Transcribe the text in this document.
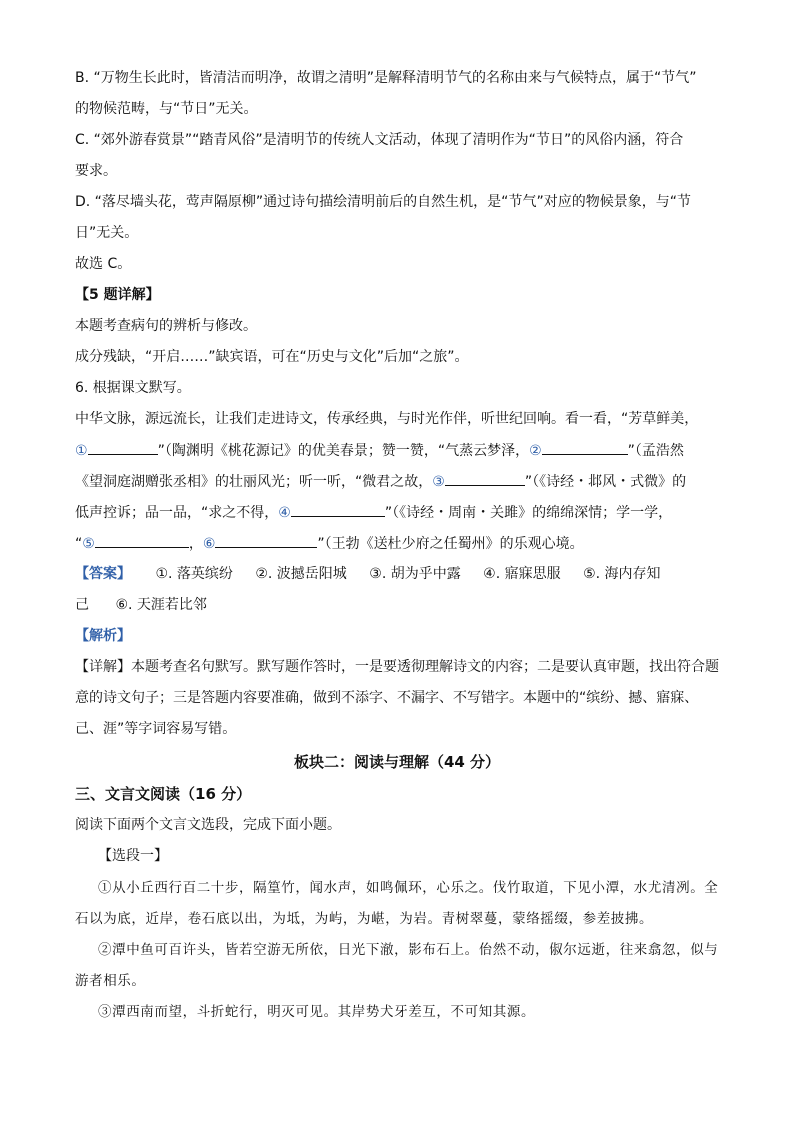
B. “万物生长此时，皆清洁而明净，故谓之清明”是解释清明节气的名称由来与气候特点，属于“节气”
的物候范畴，与“节日”无关。
C. “郊外游春赏景”“踏青风俗”是清明节的传统人文活动，体现了清明作为“节日”的风俗内涵，符合
要求。
D. “落尽墙头花，莺声隔原柳”通过诗句描绘清明前后的自然生机，是“节气”对应的物候景象，与“节
日”无关。
故选 C。
【5 题详解】
本题考查病句的辨析与修改。
成分残缺，“开启……”缺宾语，可在“历史与文化”后加“之旅”。
6. 根据课文默写。
中华文脉，源远流长，让我们走进诗文，传承经典，与时光作伴，听世纪回响。看一看，“芳草鲜美，
①	”（陶渊明《桃花源记》的优美春景；赞一赞，“气蒸云梦泽，②	”（孟浩然
《望洞庭湖赠张丞相》的壮丽风光；听一听，“微君之故，③	”（《诗经・邶风・式微》的
低声控诉；品一品，“求之不得，④	”（《诗经・周南・关雎》的绵绵深情；学一学，
“⑤	，⑥	”（王勃《送杜少府之任蜀州》的乐观心境。
【答案】 ①. 落英缤纷 ②. 波撼岳阳城 ③. 胡为乎中露 ④. 寤寐思服 ⑤. 海内存知
己 ⑥. 天涯若比邻
【解析】
【详解】本题考查名句默写。默写题作答时，一是要透彻理解诗文的内容；二是要认真审题，找出符合题
意的诗文句子；三是答题内容要准确，做到不添字、不漏字、不写错字。本题中的“缤纷、撼、寤寐、
己、涯”等字词容易写错。
板块二：阅读与理解（44 分）
三、文言文阅读（16 分）
阅读下面两个文言文选段，完成下面小题。
【选段一】
①从小丘西行百二十步，隔篁竹，闻水声，如鸣佩环，心乐之。伐竹取道，下见小潭，水尤清冽。全
石以为底，近岸，卷石底以出，为坻，为屿，为嵁，为岩。青树翠蔓，蒙络摇缀，参差披拂。
②潭中鱼可百许头，皆若空游无所依，日光下澈，影布石上。佁然不动，俶尔远逝，往来翕忽，似与
游者相乐。
③潭西南而望，斗折蛇行，明灭可见。其岸势犬牙差互，不可知其源。
